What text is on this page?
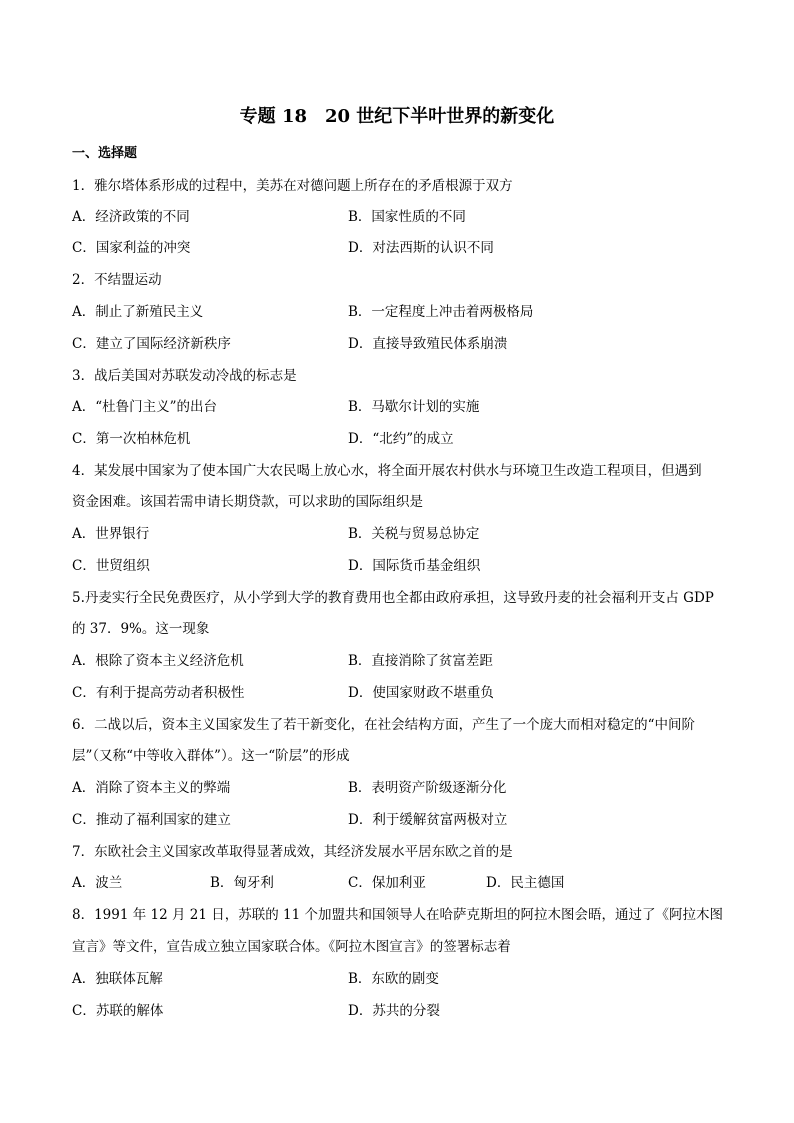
专题 18　20 世纪下半叶世界的新变化
一、选择题
1．雅尔塔体系形成的过程中，美苏在对德问题上所存在的矛盾根源于双方
A．经济政策的不同	B．国家性质的不同
C．国家利益的冲突	D．对法西斯的认识不同
2．不结盟运动
A．制止了新殖民主义	B．一定程度上冲击着两极格局
C．建立了国际经济新秩序	D．直接导致殖民体系崩溃
3．战后美国对苏联发动冷战的标志是
A．“杜鲁门主义”的出台	B．马歇尔计划的实施
C．第一次柏林危机	D．“北约”的成立
4．某发展中国家为了使本国广大农民喝上放心水，将全面开展农村供水与环境卫生改造工程项目，但遇到
资金困难。该国若需申请长期贷款，可以求助的国际组织是
A．世界银行	B．关税与贸易总协定
C．世贸组织	D．国际货币基金组织
5.丹麦实行全民免费医疗，从小学到大学的教育费用也全都由政府承担，这导致丹麦的社会福利开支占 GDP
的 37．9%。这一现象
A．根除了资本主义经济危机	B．直接消除了贫富差距
C．有利于提高劳动者积极性	D．使国家财政不堪重负
6．二战以后，资本主义国家发生了若干新变化，在社会结构方面，产生了一个庞大而相对稳定的“中间阶
层”（又称“中等收入群体”）。这一“阶层”的形成
A．消除了资本主义的弊端	B．表明资产阶级逐渐分化
C．推动了福利国家的建立	D．利于缓解贫富两极对立
7．东欧社会主义国家改革取得显著成效，其经济发展水平居东欧之首的是
A．波兰	B．匈牙利	C．保加利亚	D．民主德国
8．1991 年 12 月 21 日，苏联的 11 个加盟共和国领导人在哈萨克斯坦的阿拉木图会晤，通过了《阿拉木图
宣言》等文件，宣告成立独立国家联合体。《阿拉木图宣言》的签署标志着
A．独联体瓦解	B．东欧的剧变
C．苏联的解体	D．苏共的分裂
